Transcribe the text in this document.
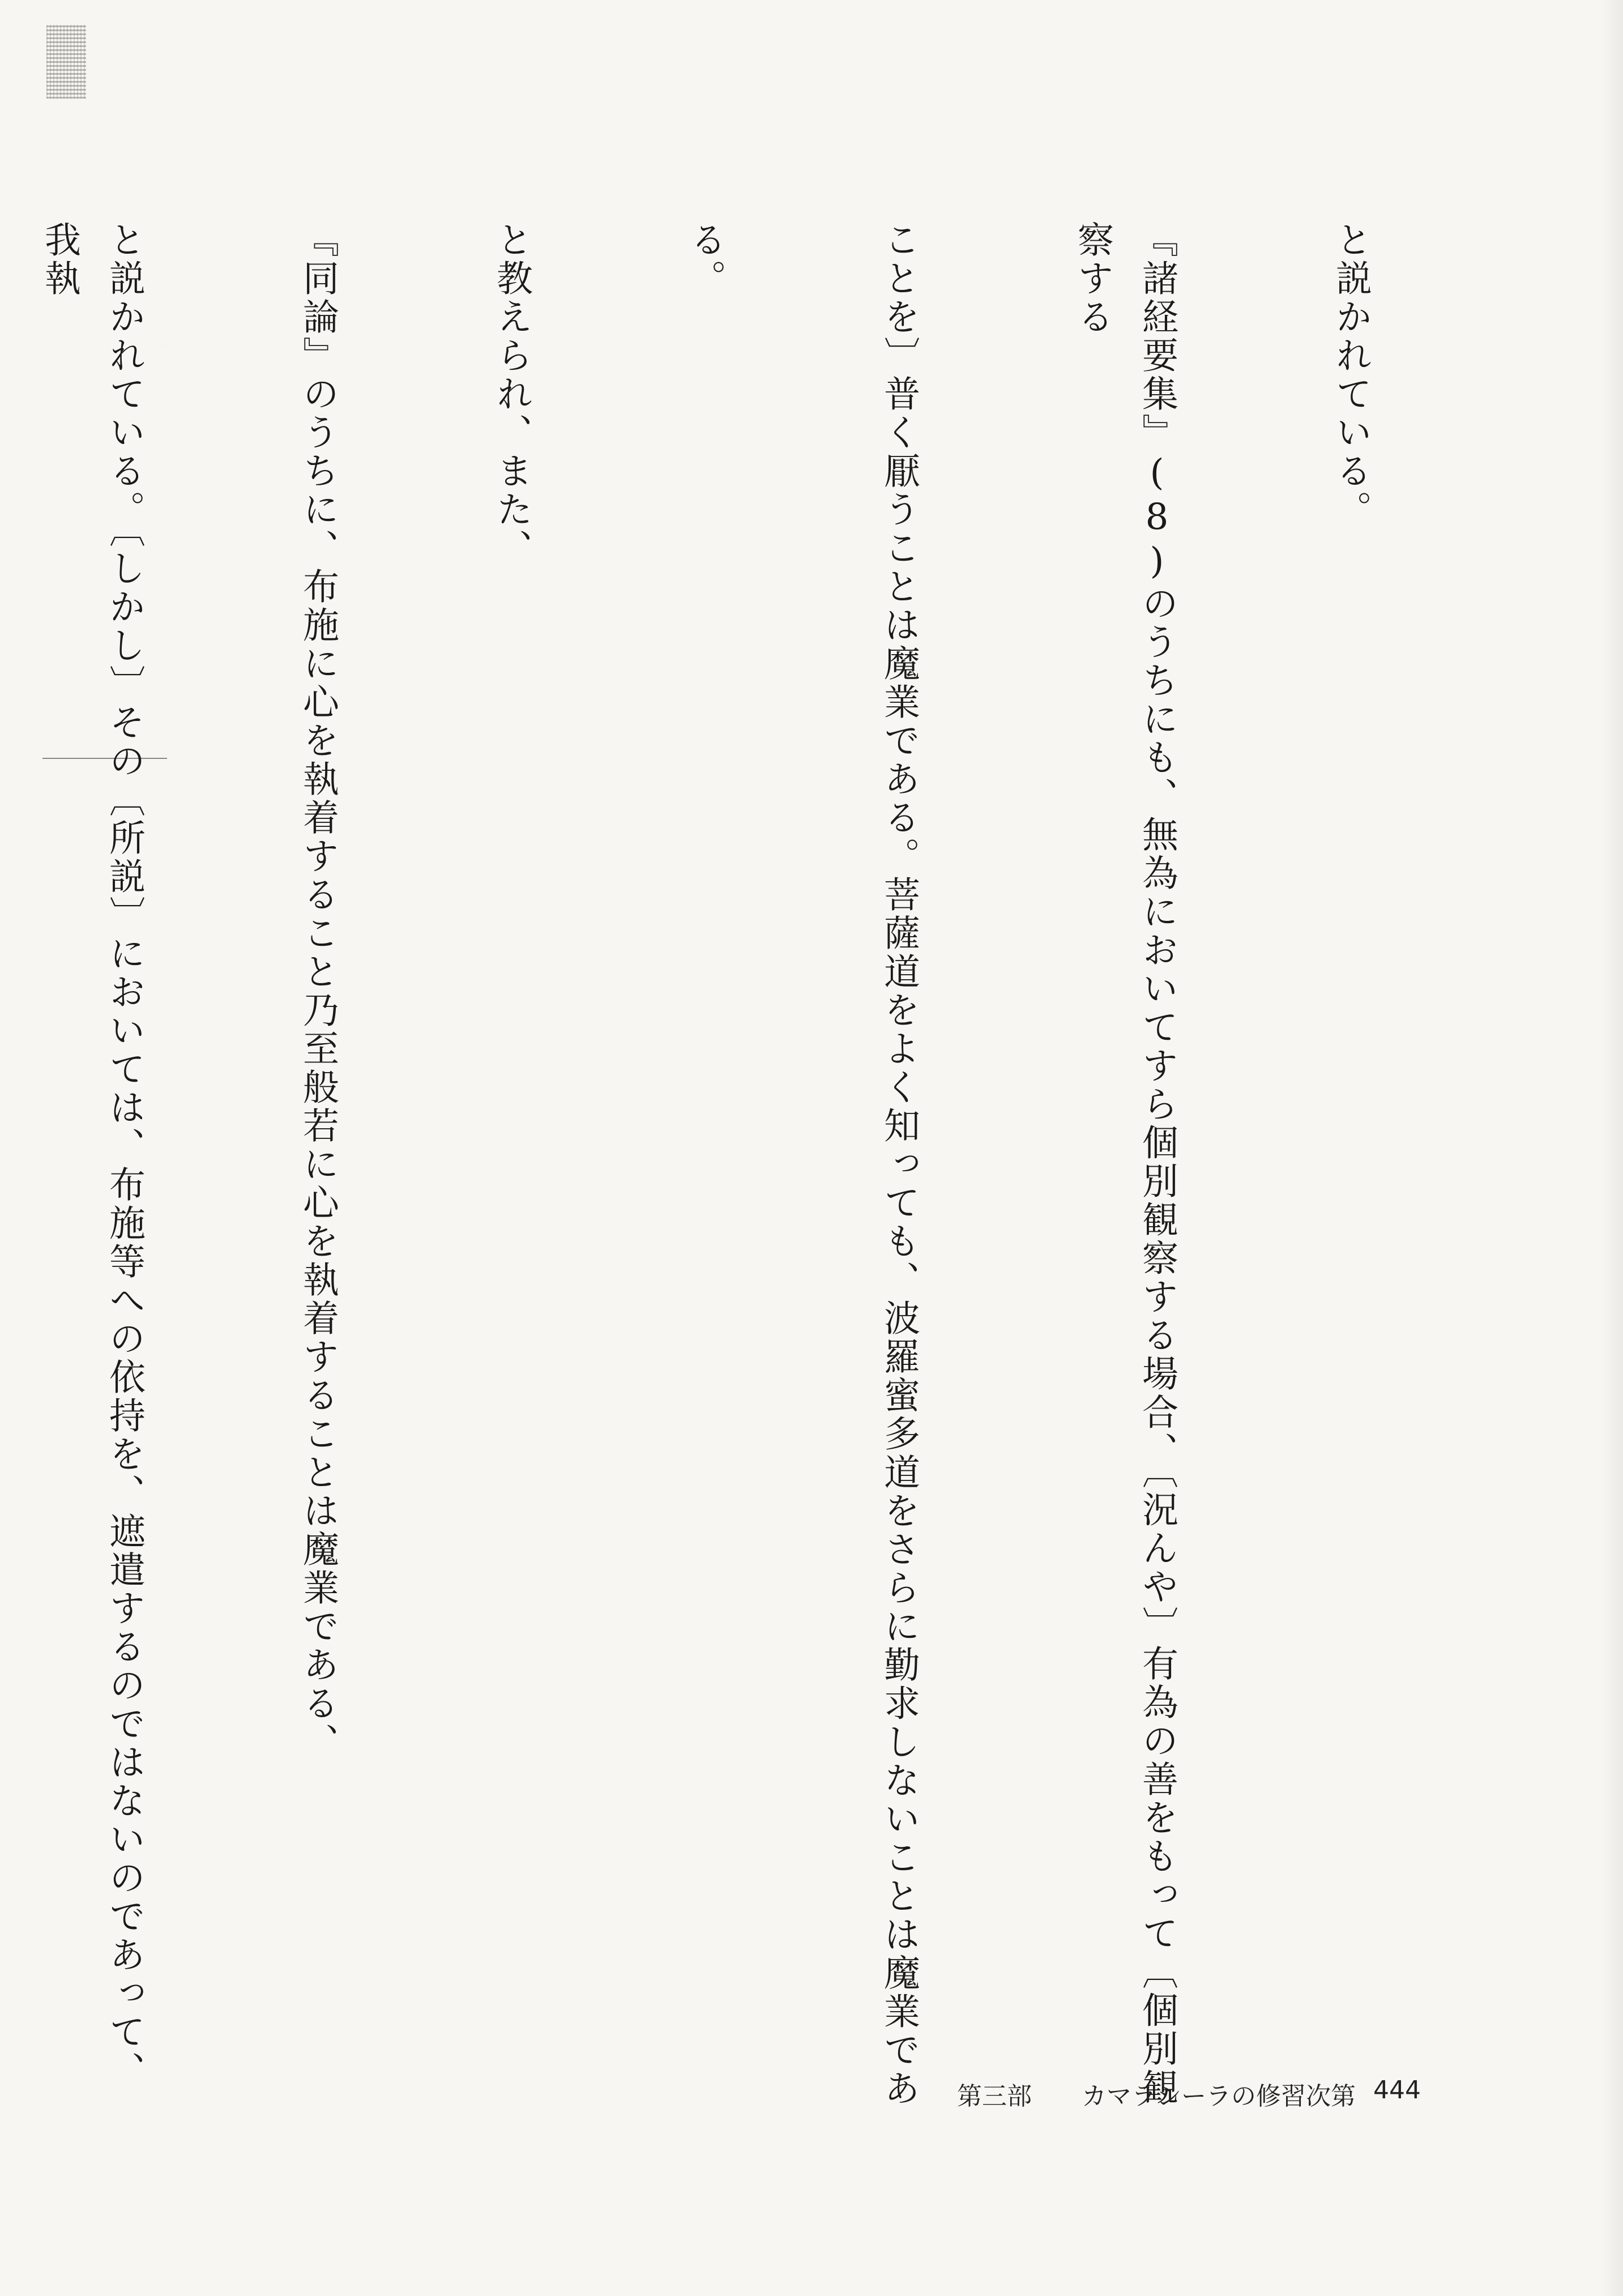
と説かれている。

『諸経要集』(8)のうちにも、無為においてすら個別観察する場合、〔況んや〕有為の善をもって〔個別観察する

ことを〕普く厭うことは魔業である。菩薩道をよく知っても、波羅蜜多道をさらに勤求しないことは魔業であ

る。

と教えられ、また、

『同論』のうちに、布施に心を執着すること乃至般若に心を執着することは魔業である、

と説かれている。〔しかし〕その〔所説〕においては、布施等への依持を、遮遣するのではないのであって、我執

第三部 カマラシーラの修習次第 444
